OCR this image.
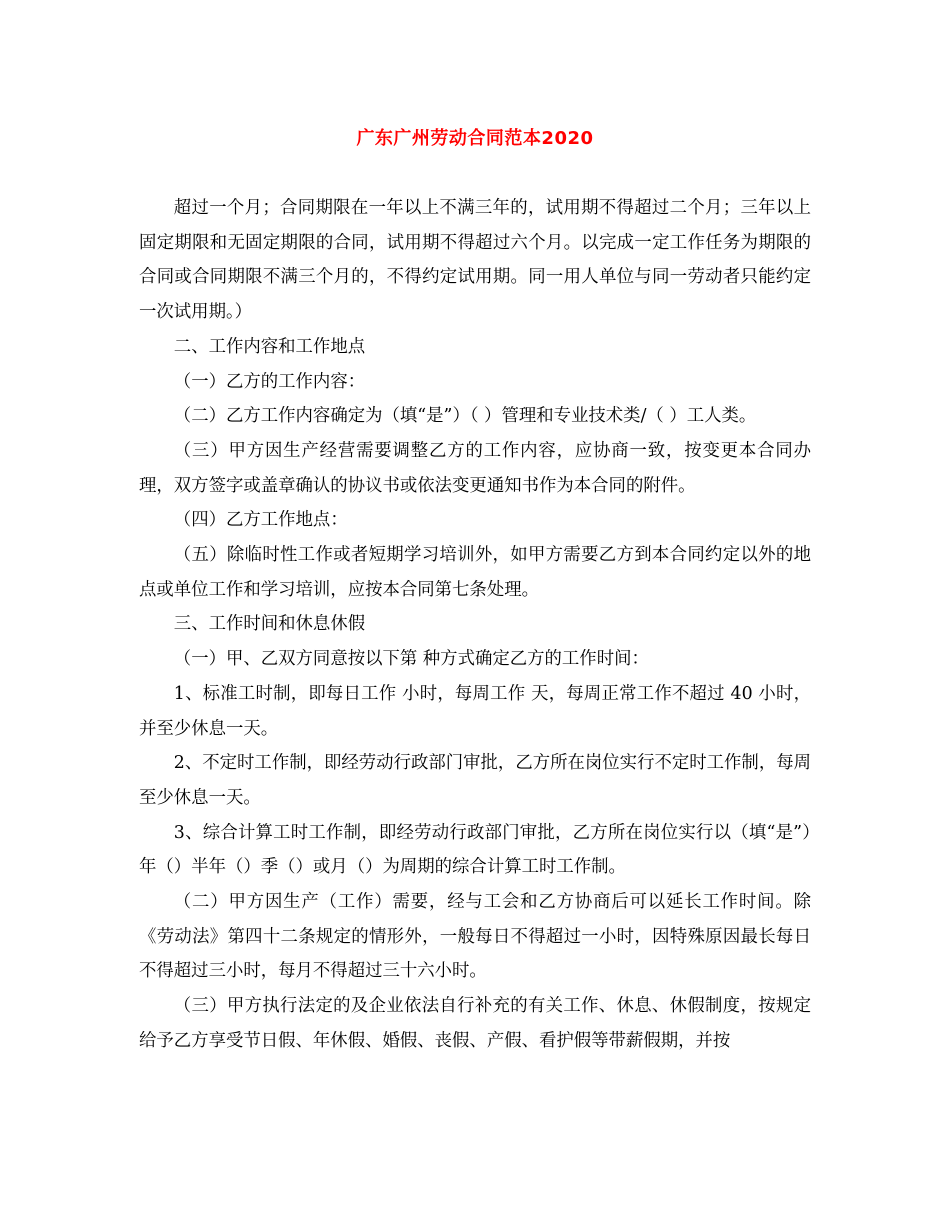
广东广州劳动合同范本2020

超过一个月；合同期限在一年以上不满三年的，试用期不得超过二个月；三年以上固定期限和无固定期限的合同，试用期不得超过六个月。以完成一定工作任务为期限的合同或合同期限不满三个月的，不得约定试用期。同一用人单位与同一劳动者只能约定一次试用期。）

二、工作内容和工作地点

（一）乙方的工作内容：

（二）乙方工作内容确定为（填“是”）（ ）管理和专业技术类/（ ）工人类。

（三）甲方因生产经营需要调整乙方的工作内容，应协商一致，按变更本合同办理，双方签字或盖章确认的协议书或依法变更通知书作为本合同的附件。

（四）乙方工作地点：

（五）除临时性工作或者短期学习培训外，如甲方需要乙方到本合同约定以外的地点或单位工作和学习培训，应按本合同第七条处理。

三、工作时间和休息休假

（一）甲、乙双方同意按以下第 种方式确定乙方的工作时间：

1、标准工时制，即每日工作 小时，每周工作 天，每周正常工作不超过 40 小时，并至少休息一天。

2、不定时工作制，即经劳动行政部门审批，乙方所在岗位实行不定时工作制，每周至少休息一天。

3、综合计算工时工作制，即经劳动行政部门审批，乙方所在岗位实行以（填“是”）年（）半年（）季（）或月（）为周期的综合计算工时工作制。

（二）甲方因生产（工作）需要，经与工会和乙方协商后可以延长工作时间。除《劳动法》第四十二条规定的情形外，一般每日不得超过一小时，因特殊原因最长每日不得超过三小时，每月不得超过三十六小时。

（三）甲方执行法定的及企业依法自行补充的有关工作、休息、休假制度，按规定给予乙方享受节日假、年休假、婚假、丧假、产假、看护假等带薪假期，并按
